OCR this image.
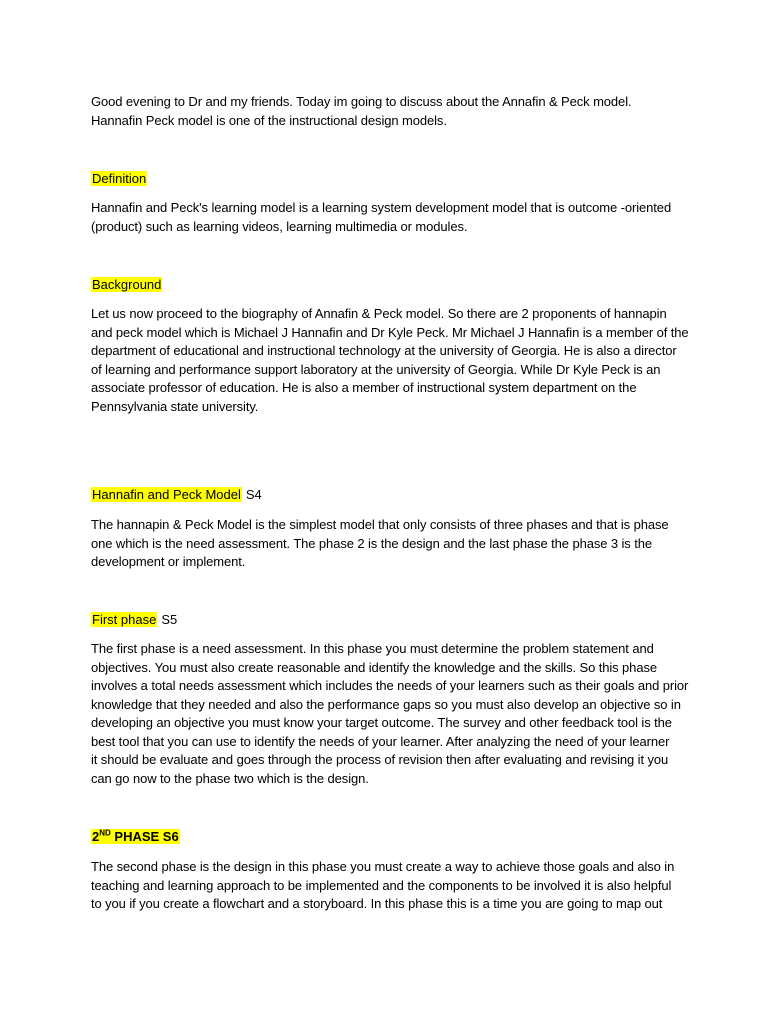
Good evening to Dr and my friends. Today im going to discuss about the Annafin & Peck model.
Hannafin Peck model is one of the instructional design models.
Definition
Hannafin and Peck's learning model is a learning system development model that is outcome -oriented
(product) such as learning videos, learning multimedia or modules.
Background
Let us now proceed to the biography of Annafin & Peck model. So there are 2 proponents of hannapin
and peck model which is Michael J Hannafin and Dr Kyle Peck. Mr Michael J Hannafin is a member of the
department of educational and instructional technology at the university of Georgia. He is also a director
of learning and performance support laboratory at the university of Georgia. While Dr Kyle Peck is an
associate professor of education. He is also a member of instructional system department on the
Pennsylvania state university.
Hannafin and Peck Model S4
The hannapin & Peck Model is the simplest model that only consists of three phases and that is phase
one which is the need assessment. The phase 2 is the design and the last phase the phase 3 is the
development or implement.
First phase S5
The first phase is a need assessment. In this phase you must determine the problem statement and
objectives. You must also create reasonable and identify the knowledge and the skills. So this phase
involves a total needs assessment which includes the needs of your learners such as their goals and prior
knowledge that they needed and also the performance gaps so you must also develop an objective so in
developing an objective you must know your target outcome. The survey and other feedback tool is the
best tool that you can use to identify the needs of your learner. After analyzing the need of your learner
it should be evaluate and goes through the process of revision then after evaluating and revising it you
can go now to the phase two which is the design.
2ND PHASE S6
The second phase is the design in this phase you must create a way to achieve those goals and also in
teaching and learning approach to be implemented and the components to be involved it is also helpful
to you if you create a flowchart and a storyboard. In this phase this is a time you are going to map out
